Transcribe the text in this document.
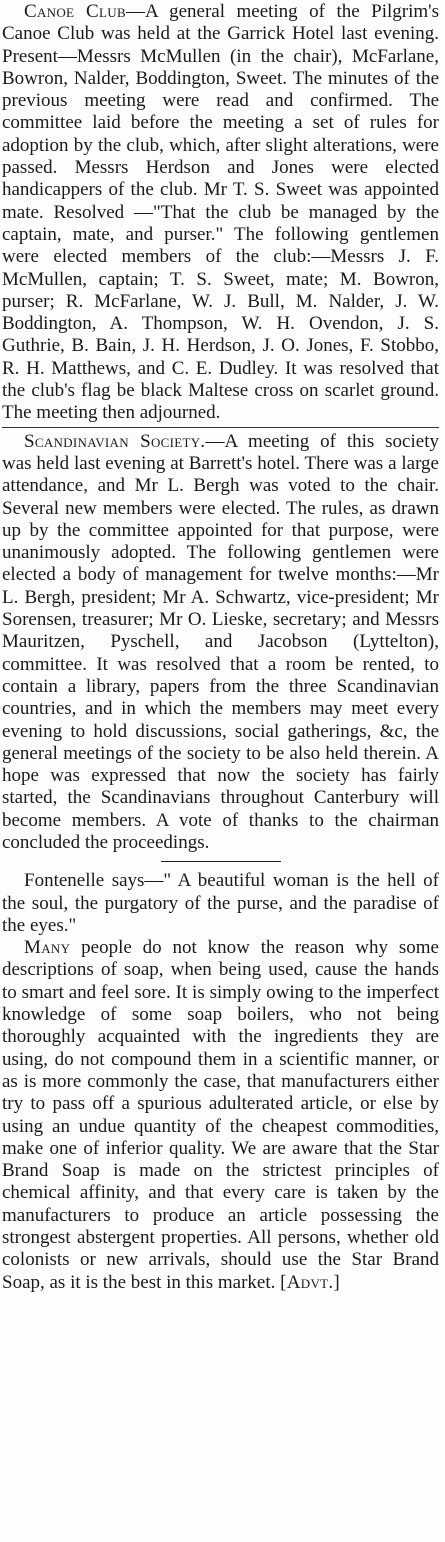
Canoe Club—A general meeting of the Pilgrim's Canoe Club was held at the Garrick Hotel last evening. Present—Messrs McMullen (in the chair), McFarlane, Bowron, Nalder, Boddington, Sweet. The minutes of the previous meeting were read and confirmed. The committee laid before the meeting a set of rules for adoption by the club, which, after slight alterations, were passed. Messrs Herdson and Jones were elected handicappers of the club. Mr T. S. Sweet was appointed mate. Resolved —"That the club be managed by the captain, mate, and purser." The following gentlemen were elected members of the club:—Messrs J. F. McMullen, captain; T. S. Sweet, mate; M. Bowron, purser; R. McFarlane, W. J. Bull, M. Nalder, J. W. Boddington, A. Thompson, W. H. Ovendon, J. S. Guthrie, B. Bain, J. H. Herdson, J. O. Jones, F. Stobbo, R. H. Matthews, and C. E. Dudley. It was resolved that the club's flag be black Maltese cross on scarlet ground. The meeting then adjourned.

Scandinavian Society.—A meeting of this society was held last evening at Barrett's hotel. There was a large attendance, and Mr L. Bergh was voted to the chair. Several new members were elected. The rules, as drawn up by the committee appointed for that purpose, were unanimously adopted. The following gentlemen were elected a body of management for twelve months:—Mr L. Bergh, president; Mr A. Schwartz, vice-president; Mr Sorensen, treasurer; Mr O. Lieske, secretary; and Messrs Mauritzen, Pyschell, and Jacobson (Lyttelton), committee. It was resolved that a room be rented, to contain a library, papers from the three Scandinavian countries, and in which the members may meet every evening to hold discussions, social gatherings, &c, the general meetings of the society to be also held therein. A hope was expressed that now the society has fairly started, the Scandinavians throughout Canterbury will become members. A vote of thanks to the chairman concluded the proceedings.

Fontenelle says—" A beautiful woman is the hell of the soul, the purgatory of the purse, and the paradise of the eyes."

Many people do not know the reason why some descriptions of soap, when being used, cause the hands to smart and feel sore. It is simply owing to the imperfect knowledge of some soap boilers, who not being thoroughly acquainted with the ingredients they are using, do not compound them in a scientific manner, or as is more commonly the case, that manufacturers either try to pass off a spurious adulterated article, or else by using an undue quantity of the cheapest commodities, make one of inferior quality. We are aware that the Star Brand Soap is made on the strictest principles of chemical affinity, and that every care is taken by the manufacturers to produce an article possessing the strongest abstergent properties. All persons, whether old colonists or new arrivals, should use the Star Brand Soap, as it is the best in this market. [Advt.]
